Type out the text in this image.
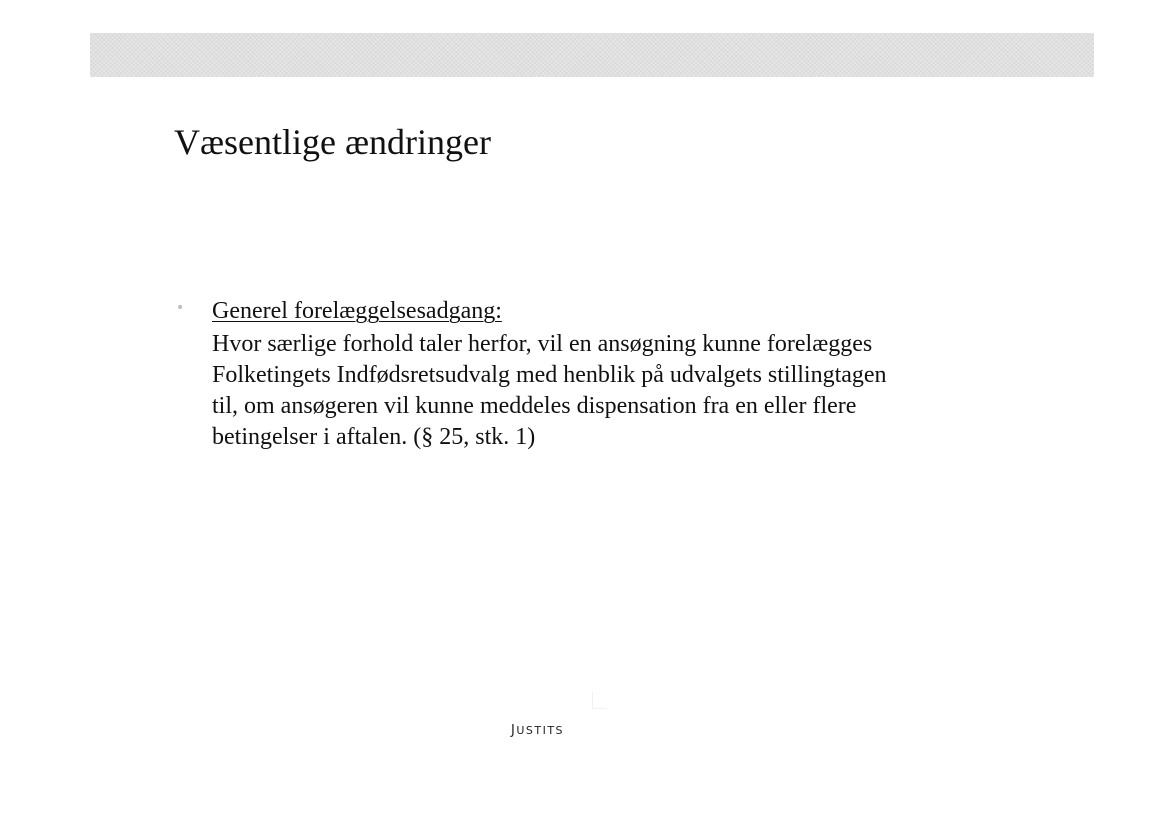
Væsentlige ændringer
• Generel forelæggelsesadgang:

Hvor særlige forhold taler herfor, vil en ansøgning kunne forelægges
Folketingets Indfødsretsudvalg med henblik på udvalgets stillingtagen
til, om ansøgeren vil kunne meddeles dispensation fra en eller flere
betingelser i aftalen. (§ 25, stk. 1)

JUSTITS
